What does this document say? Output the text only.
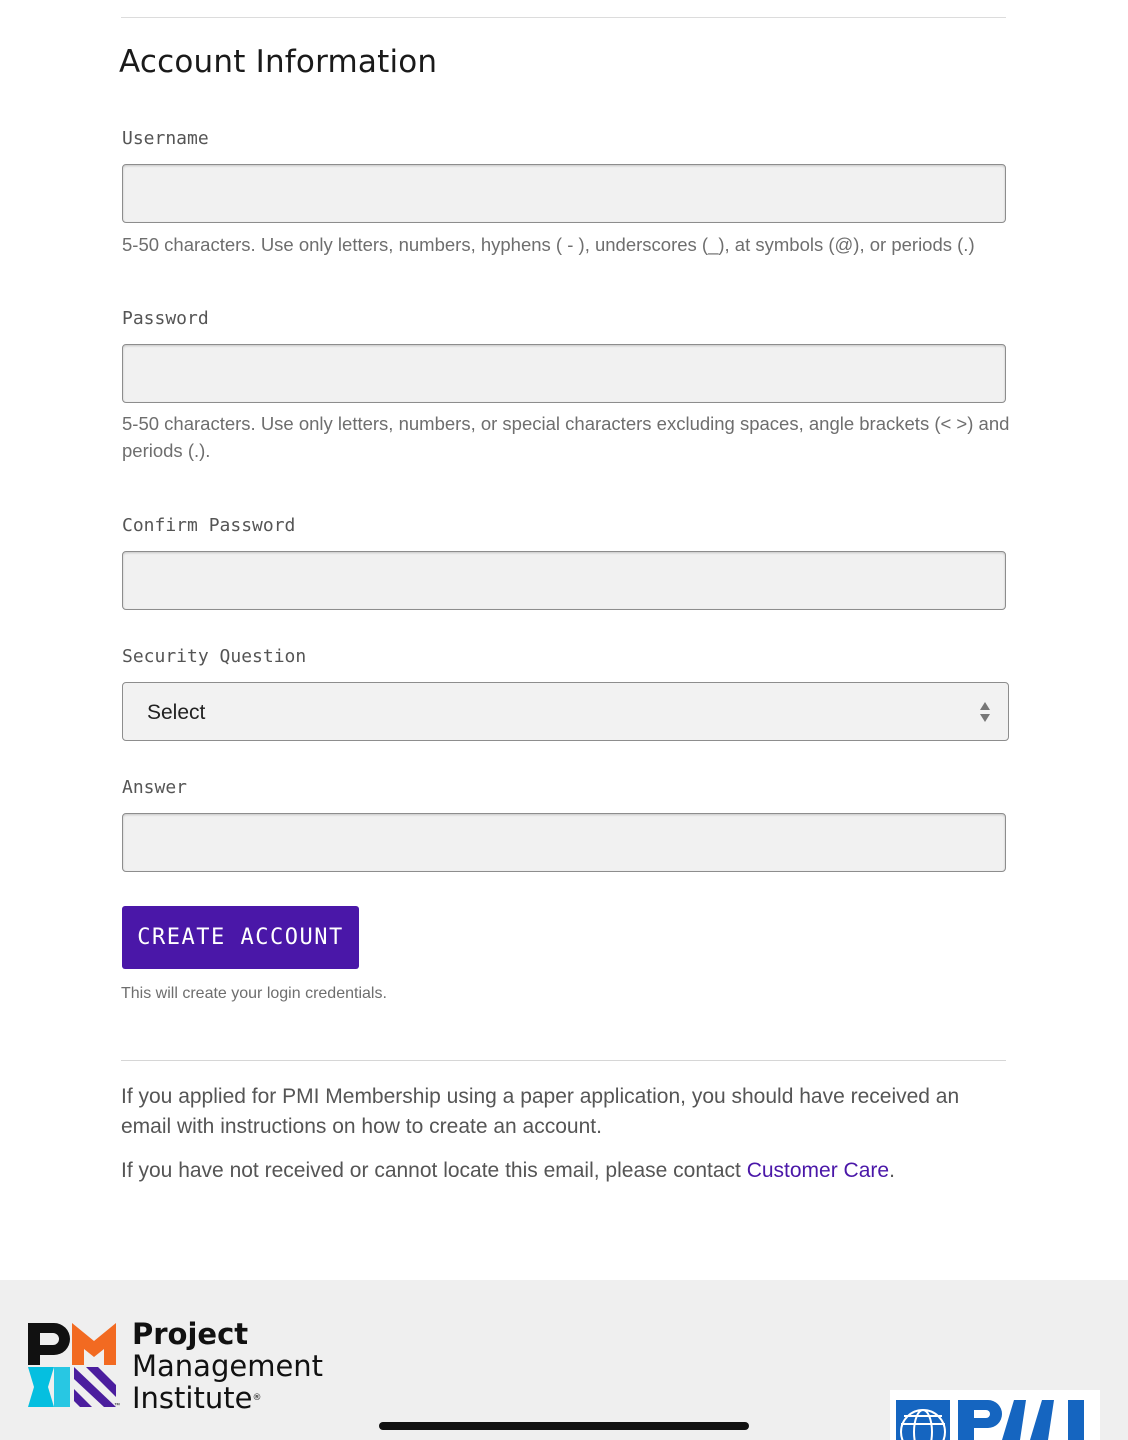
Account Information
Username
5-50 characters. Use only letters, numbers, hyphens ( - ), underscores (_), at symbols (@), or periods (.)
Password
5-50 characters. Use only letters, numbers, or special characters excluding spaces, angle brackets (< >) and periods (.).
Confirm Password
Security Question
Select
Answer
CREATE ACCOUNT
This will create your login credentials.

If you applied for PMI Membership using a paper application, you should have received an email with instructions on how to create an account.

If you have not received or cannot locate this email, please contact Customer Care.

™
Project
Management
Institute®
